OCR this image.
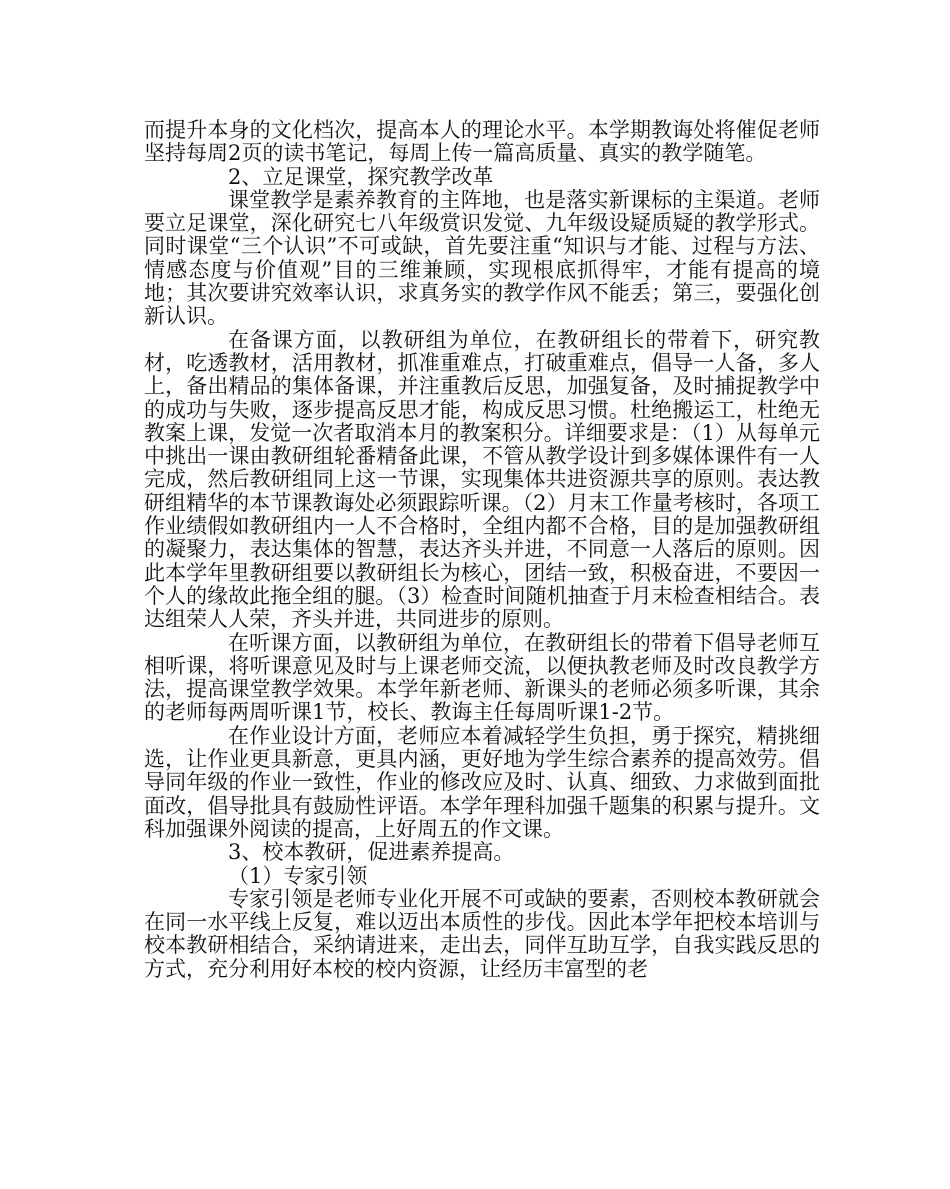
而提升本身的文化档次，提高本人的理论水平。本学期教诲处将催促老师坚持每周2页的读书笔记，每周上传一篇高质量、真实的教学随笔。

2、立足课堂，探究教学改革

课堂教学是素养教育的主阵地，也是落实新课标的主渠道。老师要立足课堂，深化研究七八年级赏识发觉、九年级设疑质疑的教学形式。同时课堂“三个认识”不可或缺，首先要注重“知识与才能、过程与方法、情感态度与价值观”目的三维兼顾，实现根底抓得牢，才能有提高的境地；其次要讲究效率认识，求真务实的教学作风不能丢；第三，要强化创新认识。

在备课方面，以教研组为单位，在教研组长的带着下，研究教材，吃透教材，活用教材，抓准重难点，打破重难点，倡导一人备，多人上，备出精品的集体备课，并注重教后反思，加强复备，及时捕捉教学中的成功与失败，逐步提高反思才能，构成反思习惯。杜绝搬运工，杜绝无教案上课，发觉一次者取消本月的教案积分。详细要求是：（1）从每单元中挑出一课由教研组轮番精备此课，不管从教学设计到多媒体课件有一人完成，然后教研组同上这一节课，实现集体共进资源共享的原则。表达教研组精华的本节课教诲处必须跟踪听课。（2）月末工作量考核时，各项工作业绩假如教研组内一人不合格时，全组内都不合格，目的是加强教研组的凝聚力，表达集体的智慧，表达齐头并进，不同意一人落后的原则。因此本学年里教研组要以教研组长为核心，团结一致，积极奋进，不要因一个人的缘故此拖全组的腿。（3）检查时间随机抽查于月末检查相结合。表达组荣人人荣，齐头并进，共同进步的原则。

在听课方面，以教研组为单位，在教研组长的带着下倡导老师互相听课，将听课意见及时与上课老师交流，以便执教老师及时改良教学方法，提高课堂教学效果。本学年新老师、新课头的老师必须多听课，其余的老师每两周听课1节，校长、教诲主任每周听课1-2节。

在作业设计方面，老师应本着减轻学生负担，勇于探究，精挑细选，让作业更具新意，更具内涵，更好地为学生综合素养的提高效劳。倡导同年级的作业一致性，作业的修改应及时、认真、细致、力求做到面批面改，倡导批具有鼓励性评语。本学年理科加强千题集的积累与提升。文科加强课外阅读的提高，上好周五的作文课。

3、校本教研，促进素养提高。

（1）专家引领

专家引领是老师专业化开展不可或缺的要素，否则校本教研就会在同一水平线上反复，难以迈出本质性的步伐。因此本学年把校本培训与校本教研相结合，采纳请进来，走出去，同伴互助互学，自我实践反思的方式，充分利用好本校的校内资源，让经历丰富型的老
